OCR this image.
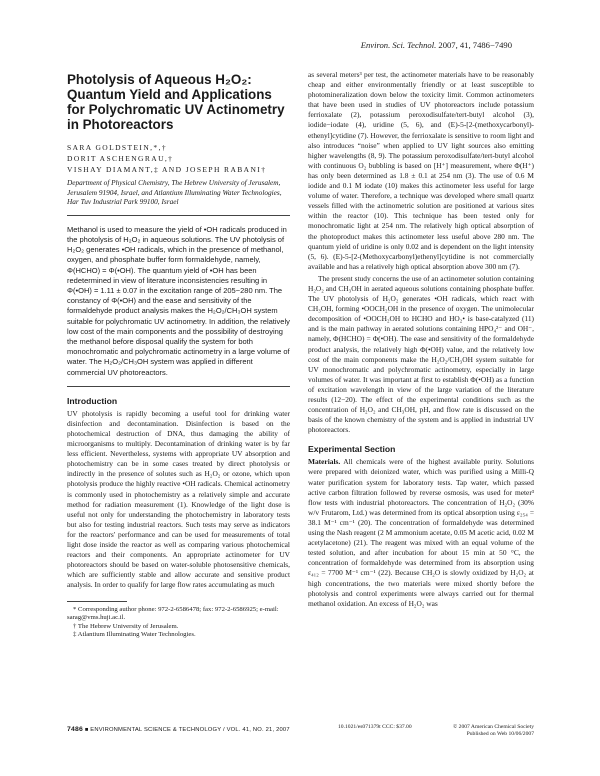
Environ. Sci. Technol. 2007, 41, 7486−7490
Photolysis of Aqueous H₂O₂: Quantum Yield and Applications for Polychromatic UV Actinometry in Photoreactors
SARA GOLDSTEIN,*,†
DORIT ASCHENGRAU,†
VISHAY DIAMANT,‡ AND JOSEPH RABANI†
Department of Physical Chemistry, The Hebrew University of Jerusalem, Jerusalem 91904, Israel, and Atlantium Illuminating Water Technologies, Har Tuv Industrial Park 99100, Israel
Methanol is used to measure the yield of •OH radicals produced in the photolysis of H₂O₂ in aqueous solutions. The UV photolysis of H₂O₂ generates •OH radicals, which in the presence of methanol, oxygen, and phosphate buffer form formaldehyde, namely, Φ(HCHO) = Φ(•OH). The quantum yield of •OH has been redetermined in view of literature inconsistencies resulting in Φ(•OH) = 1.11 ± 0.07 in the excitation range of 205−280 nm. The constancy of Φ(•OH) and the ease and sensitivity of the formaldehyde product analysis makes the H₂O₂/CH₃OH system suitable for polychromatic UV actinometry. In addition, the relatively low cost of the main components and the possibility of destroying the methanol before disposal qualify the system for both monochromatic and polychromatic actinometry in a large volume of water. The H₂O₂/CH₃OH system was applied in different commercial UV photoreactors.
Introduction
UV photolysis is rapidly becoming a useful tool for drinking water disinfection and decontamination. Disinfection is based on the photochemical destruction of DNA, thus damaging the ability of microorganisms to multiply. Decontamination of drinking water is by far less efficient. Nevertheless, systems with appropriate UV absorption and photochemistry can be in some cases treated by direct photolysis or indirectly in the presence of solutes such as H₂O₂ or ozone, which upon photolysis produce the highly reactive •OH radicals. Chemical actinometry is commonly used in photochemistry as a relatively simple and accurate method for radiation measurement (1). Knowledge of the light dose is useful not only for understanding the photochemistry in laboratory tests but also for testing industrial reactors. Such tests may serve as indicators for the reactors' performance and can be used for measurements of total light dose inside the reactor as well as comparing various photochemical reactors and their components. An appropriate actinometer for UV photoreactors should be based on water-soluble photosensitive chemicals, which are sufficiently stable and allow accurate and sensitive product analysis. In order to qualify for large flow rates accumulating as much
* Corresponding author phone: 972-2-6586478; fax: 972-2-6586925; e-mail: sarag@vms.huji.ac.il.
† The Hebrew University of Jerusalem.
‡ Atlantium Illuminating Water Technologies.
as several meters³ per test, the actinometer materials have to be reasonably cheap and either environmentally friendly or at least susceptible to photomineralization down below the toxicity limit. Common actinometers that have been used in studies of UV photoreactors include potassium ferrioxalate (2), potassium peroxodisulfate/tert-butyl alcohol (3), iodide−iodate (4), uridine (5, 6), and (E)-5-[2-(methoxycarbonyl)-ethenyl]cytidine (7). However, the ferrioxalate is sensitive to room light and also introduces “noise” when applied to UV light sources also emitting higher wavelengths (8, 9). The potassium peroxodisulfate/tert-butyl alcohol with continuous O₂ bubbling is based on [H⁺] measurement, where Φ(H⁺) has only been determined as 1.8 ± 0.1 at 254 nm (3). The use of 0.6 M iodide and 0.1 M iodate (10) makes this actinometer less useful for large volume of water. Therefore, a technique was developed where small quartz vessels filled with the actinometric solution are positioned at various sites within the reactor (10). This technique has been tested only for monochromatic light at 254 nm. The relatively high optical absorption of the photoproduct makes this actinometer less useful above 280 nm. The quantum yield of uridine is only 0.02 and is dependent on the light intensity (5, 6). (E)-5-[2-(Methoxycarbonyl)ethenyl]cytidine is not commercially available and has a relatively high optical absorption above 300 nm (7).
The present study concerns the use of an actinometer solution containing H₂O₂ and CH₃OH in aerated aqueous solutions containing phosphate buffer. The UV photolysis of H₂O₂ generates •OH radicals, which react with CH₃OH, forming •OOCH₂OH in the presence of oxygen. The unimolecular decomposition of •OOCH₂OH to HCHO and HO₂• is base-catalyzed (11) and is the main pathway in aerated solutions containing HPO₄²⁻ and OH⁻, namely, Φ(HCHO) = Φ(•OH). The ease and sensitivity of the formaldehyde product analysis, the relatively high Φ(•OH) value, and the relatively low cost of the main components make the H₂O₂/CH₃OH system suitable for UV monochromatic and polychromatic actinometry, especially in large volumes of water. It was important at first to establish Φ(•OH) as a function of excitation wavelength in view of the large variation of the literature results (12−20). The effect of the experimental conditions such as the concentration of H₂O₂ and CH₃OH, pH, and flow rate is discussed on the basis of the known chemistry of the system and is applied in industrial UV photoreactors.
Experimental Section
Materials. All chemicals were of the highest available purity. Solutions were prepared with deionized water, which was purified using a Milli-Q water purification system for laboratory tests. Tap water, which passed active carbon filtration followed by reverse osmosis, was used for meter³ flow tests with industrial photoreactors. The concentration of H₂O₂ (30% w/v Frutarom, Ltd.) was determined from its optical absorption using ε₂₅₄ = 38.1 M⁻¹ cm⁻¹ (20). The concentration of formaldehyde was determined using the Nash reagent (2 M ammonium acetate, 0.05 M acetic acid, 0.02 M acetylacetone) (21). The reagent was mixed with an equal volume of the tested solution, and after incubation for about 15 min at 50 °C, the concentration of formaldehyde was determined from its absorption using ε₄₁₂ = 7700 M⁻¹ cm⁻¹ (22). Because CH₂O is slowly oxidized by H₂O₂ at high concentrations, the two materials were mixed shortly before the photolysis and control experiments were always carried out for thermal methanol oxidation. An excess of H₂O₂ was
7486 ■ ENVIRONMENTAL SCIENCE & TECHNOLOGY / VOL. 41, NO. 21, 2007	10.1021/es071379t CCC: $37.00	© 2007 American Chemical Society
Published on Web 10/06/2007
